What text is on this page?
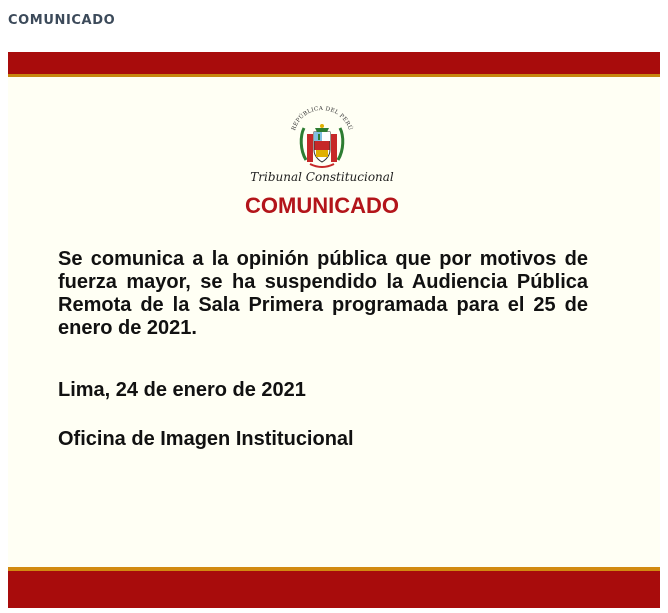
COMUNICADO
REPÚBLICA DEL PERÚ
Tribunal Constitucional
COMUNICADO
Se comunica a la opinión pública que por motivos de fuerza mayor, se ha suspendido la Audiencia Pública Remota de la Sala Primera programada para el 25 de enero de 2021.
Lima, 24 de enero de 2021
Oficina de Imagen Institucional
